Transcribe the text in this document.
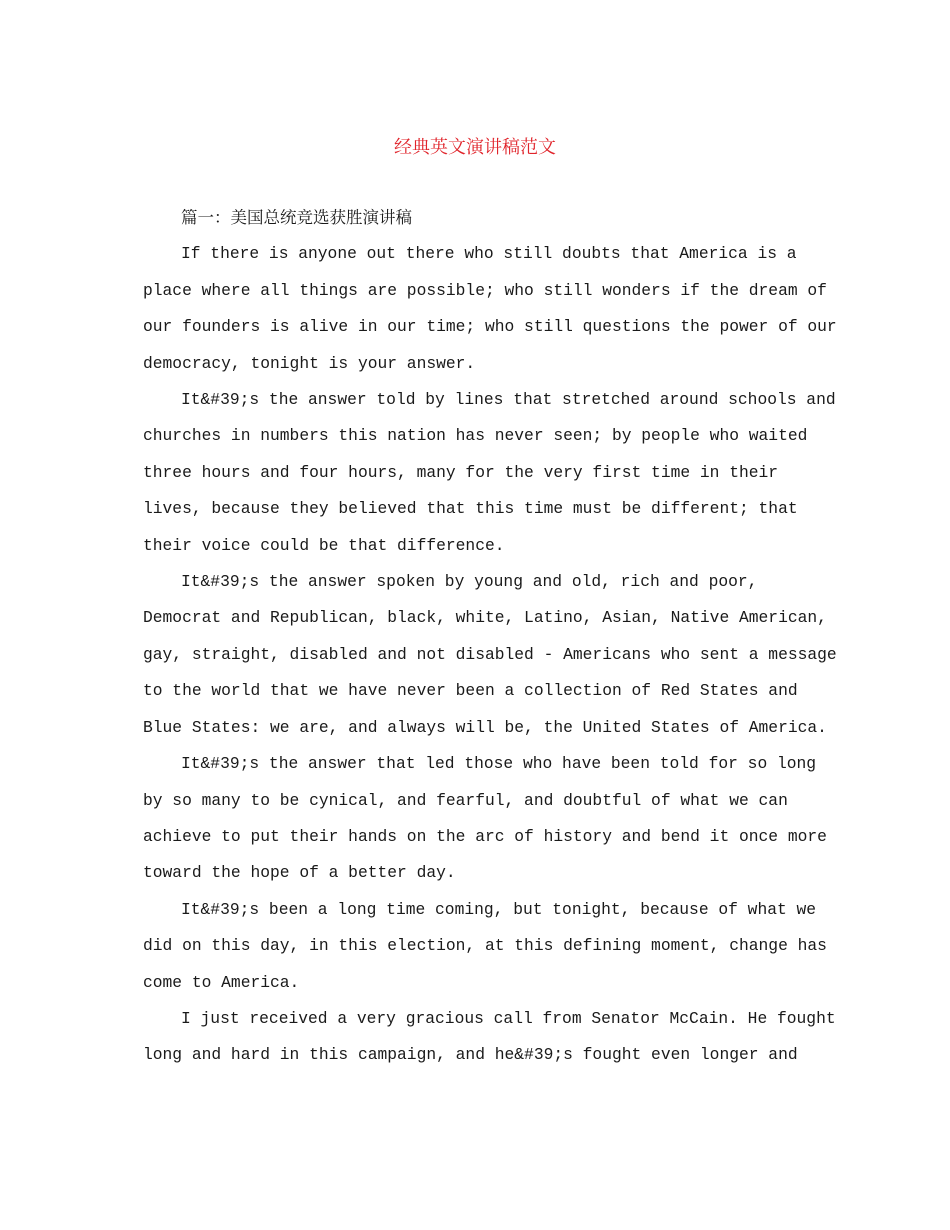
经典英文演讲稿范文
篇一：美国总统竞选获胜演讲稿

If there is anyone out there who still doubts that America is a
place where all things are possible; who still wonders if the dream of
our founders is alive in our time; who still questions the power of our
democracy, tonight is your answer.

It&#39;s the answer told by lines that stretched around schools and
churches in numbers this nation has never seen; by people who waited
three hours and four hours, many for the very first time in their
lives, because they believed that this time must be different; that
their voice could be that difference.

It&#39;s the answer spoken by young and old, rich and poor,
Democrat and Republican, black, white, Latino, Asian, Native American,
gay, straight, disabled and not disabled - Americans who sent a message
to the world that we have never been a collection of Red States and
Blue States: we are, and always will be, the United States of America.

It&#39;s the answer that led those who have been told for so long
by so many to be cynical, and fearful, and doubtful of what we can
achieve to put their hands on the arc of history and bend it once more
toward the hope of a better day.

It&#39;s been a long time coming, but tonight, because of what we
did on this day, in this election, at this defining moment, change has
come to America.

I just received a very gracious call from Senator McCain. He fought
long and hard in this campaign, and he&#39;s fought even longer and
